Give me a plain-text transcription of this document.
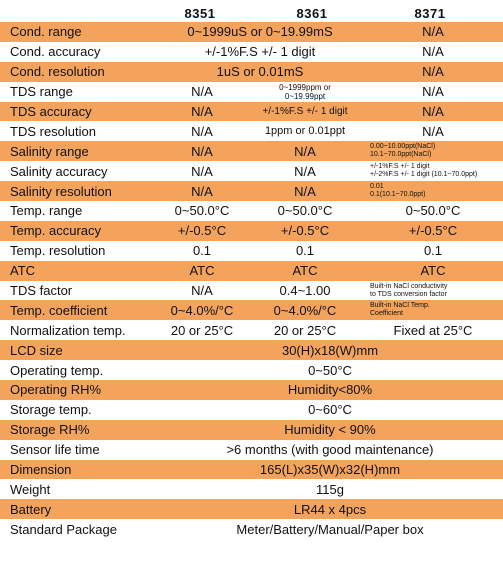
8351	8361	8371
Cond. range	0~1999uS or 0~19.99mS	N/A
Cond. accuracy	+/-1%F.S +/- 1 digit	N/A
Cond. resolution	1uS or 0.01mS	N/A
TDS range	N/A	0~1999ppm or
0~19.99ppt	N/A
TDS accuracy	N/A	+/-1%F.S +/- 1 digit	N/A
TDS resolution	N/A	1ppm or 0.01ppt	N/A
Salinity range	N/A	N/A	0.00~10.00ppt(NaCl)
10.1~70.0ppt(NaCl)
Salinity accuracy	N/A	N/A	+/-1%F.S +/- 1 digit
+/-2%F.S +/- 1 digit (10.1~70.0ppt)
Salinity resolution	N/A	N/A	0.01
0.1(10.1~70.0ppt)
Temp. range	0~50.0°C	0~50.0°C	0~50.0°C
Temp. accuracy	+/-0.5°C	+/-0.5°C	+/-0.5°C
Temp. resolution	0.1	0.1	0.1
ATC	ATC	ATC	ATC
TDS factor	N/A	0.4~1.00	Built-in NaCl conductivity
to TDS conversion factor
Temp. coefficient	0~4.0%/°C	0~4.0%/°C	Built-in NaCl Temp.
Coefficient
Normalization temp.	20 or 25°C	20 or 25°C	Fixed at 25°C
LCD size	30(H)x18(W)mm
Operating temp.	0~50°C
Operating RH%	Humidity<80%
Storage temp.	0~60°C
Storage RH%	Humidity < 90%
Sensor life time	>6 months (with good maintenance)
Dimension	165(L)x35(W)x32(H)mm
Weight	115g
Battery	LR44 x 4pcs
Standard Package	Meter/Battery/Manual/Paper box
